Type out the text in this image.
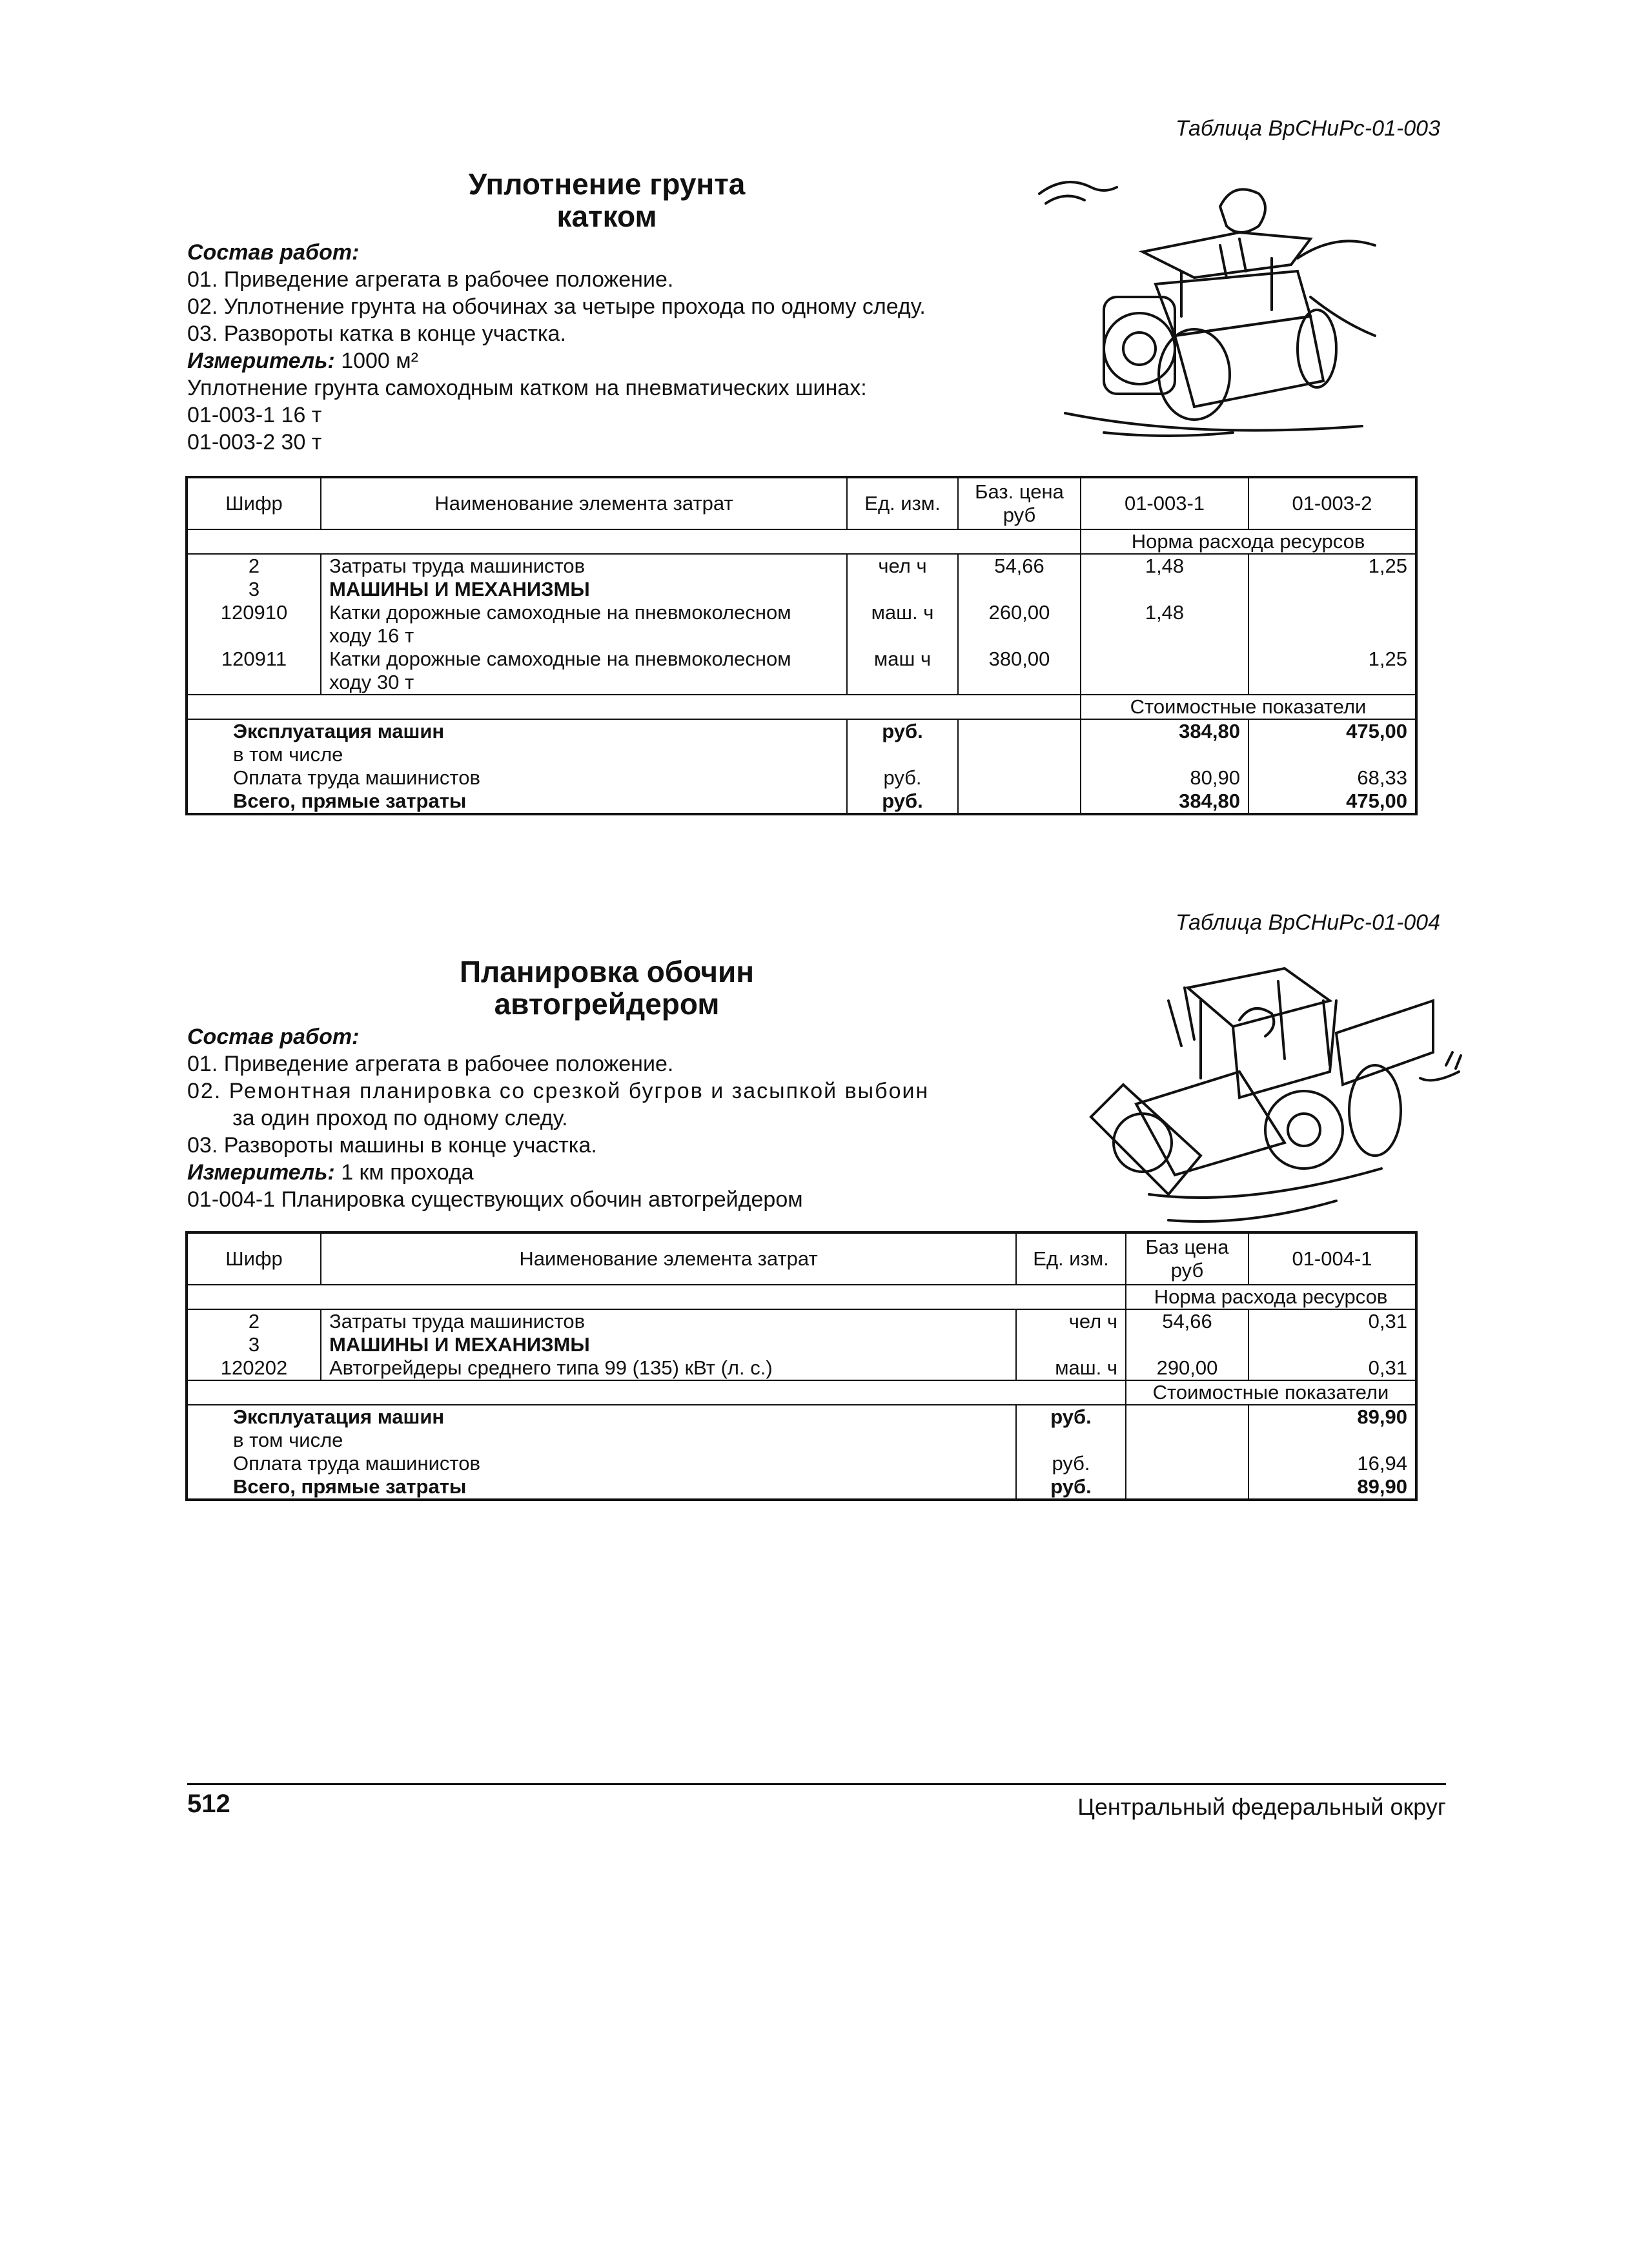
Таблица ВрСНиРс-01-003
Уплотнение грунта
катком
Состав работ:
01. Приведение агрегата в рабочее положение.
02. Уплотнение грунта на обочинах за четыре прохода по одному следу.
03. Развороты катка в конце участка.
Измеритель: 1000 м²
Уплотнение грунта самоходным катком на пневматических шинах:
01-003-1 16 т
01-003-2 30 т
Шифр	Наименование элемента затрат	Ед. изм.	Баз. цена руб	01-003-1	01-003-2
				Норма расхода ресурсов	
2	Затраты труда машинистов	чел ч	54,66	1,48	1,25
3	МАШИНЫ И МЕХАНИЗМЫ				
120910	Катки дорожные самоходные на пневмоколесном ходу 16 т	маш. ч	260,00	1,48	
120911	Катки дорожные самоходные на пневмоколесном ходу 30 т	маш ч	380,00		1,25
				Стоимостные показатели	
Эксплуатация машин		руб.		384,80	475,00
в том числе					
Оплата труда машинистов		руб.		80,90	68,33
Всего, прямые затраты		руб.		384,80	475,00
Таблица ВрСНиРс-01-004
Планировка обочин
автогрейдером
Состав работ:
01. Приведение агрегата в рабочее положение.
02. Ремонтная планировка со срезкой бугров и засыпкой выбоин
за один проход по одному следу.
03. Развороты машины в конце участка.
Измеритель: 1 км прохода
01-004-1 Планировка существующих обочин автогрейдером
Шифр	Наименование элемента затрат	Ед. изм.	Баз цена руб	01-004-1
			Норма расхода ресурсов	
2	Затраты труда машинистов	чел ч	54,66	0,31
3	МАШИНЫ И МЕХАНИЗМЫ			
120202	Автогрейдеры среднего типа 99 (135) кВт (л. с.)	маш. ч	290,00	0,31
			Стоимостные показатели	
Эксплуатация машин		руб.		89,90
в том числе				
Оплата труда машинистов		руб.		16,94
Всего, прямые затраты		руб.		89,90
512	Центральный федеральный округ
